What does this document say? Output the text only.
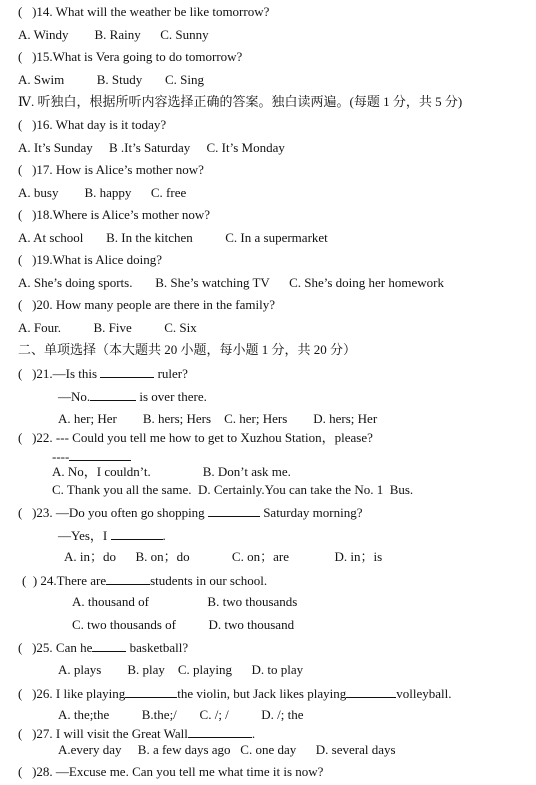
(   )14. What will the weather be like tomorrow?
A. Windy        B. Rainy      C. Sunny
(   )15.What is Vera going to do tomorrow?
A. Swim          B. Study       C. Sing
Ⅳ. 听独白，根据所听内容选择正确的答案。独白读两遍。(每题 1 分，共 5 分)
(   )16. What day is it today?
A. It’s Sunday     B .It’s Saturday     C. It’s Monday
(   )17. How is Alice’s mother now?
A. busy        B. happy      C. free
(   )18.Where is Alice’s mother now?
A. At school       B. In the kitchen          C. In a supermarket
(   )19.What is Alice doing?
A. She’s doing sports.       B. She’s watching TV      C. She’s doing her homework
(   )20. How many people are there in the family?
A. Four.          B. Five          C. Six
二、单项选择（本大题共 20 小题，每小题 1 分，共 20 分）
(   )21.—Is this	ruler?
—No.	is over there.
A. her; Her        B. hers; Hers    C. her; Hers        D. hers; Her
(   )22. --- Could you tell me how to get to Xuzhou Station，please?
----
A. No，I couldn’t.                B. Don’t ask me.
C. Thank you all the same.  D. Certainly.You can take the No. 1  Bus.
(   )23. —Do you often go shopping	Saturday morning?
—Yes，I	.
A. in；do      B. on；do             C. on；are              D. in；is
(  ) 24.There are	students in our school.
A. thousand of                  B. two thousands
C. two thousands of          D. two thousand
(   )25. Can he	basketball?
A. plays        B. play    C. playing      D. to play
(   )26. I like playing	the violin, but Jack likes playing	volleyball.
A. the;the          B.the;/       C. /; /          D. /; the
(   )27. I will visit the Great Wall	.
A.every day     B. a few days ago   C. one day      D. several days
(   )28. —Excuse me. Can you tell me what time it is now?
